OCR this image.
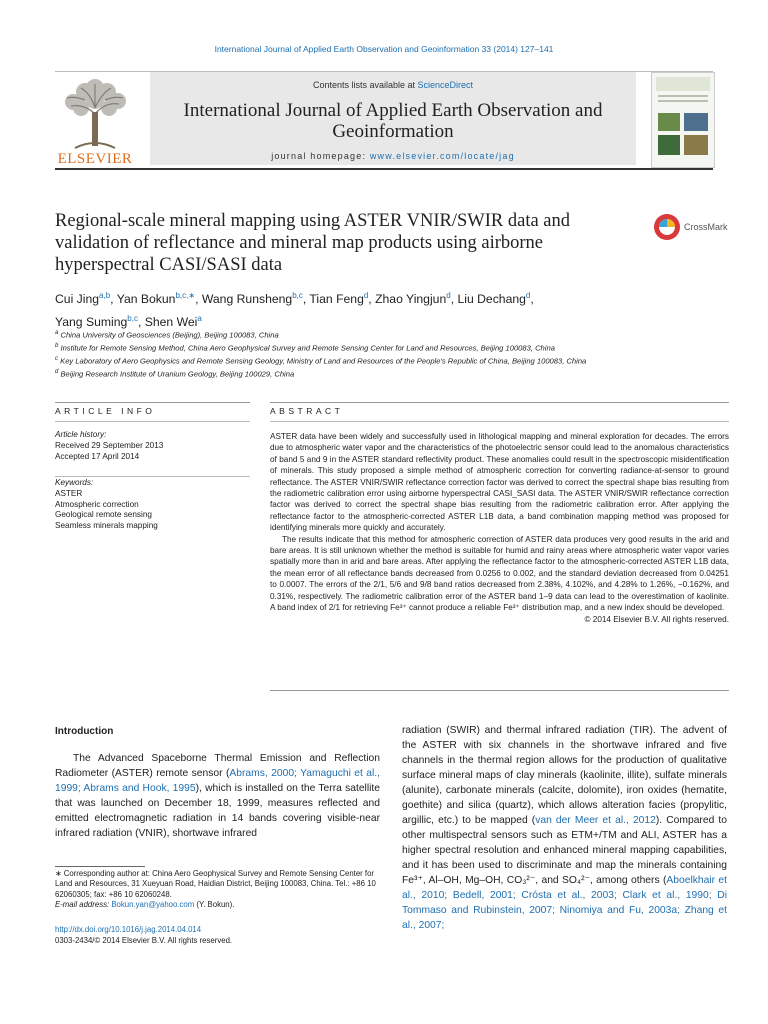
International Journal of Applied Earth Observation and Geoinformation 33 (2014) 127–141
ELSEVIER
Contents lists available at ScienceDirect
International Journal of Applied Earth Observation and Geoinformation
journal homepage: www.elsevier.com/locate/jag
Regional-scale mineral mapping using ASTER VNIR/SWIR data and validation of reflectance and mineral map products using airborne hyperspectral CASI/SASI data
CrossMark
Cui Jing$^{a,b}$, Yan Bokun$^{b,c,∗}$, Wang Runsheng$^{b,c}$, Tian Feng$^d$, Zhao Yingjun$^d$, Liu Dechang$^d$,
Yang Suming$^{b,c}$, Shen Wei$^a$
$^a$ China University of Geosciences (Beijing), Beijing 100083, China
$^b$ Institute for Remote Sensing Method, China Aero Geophysical Survey and Remote Sensing Center for Land and Resources, Beijing 100083, China
$^c$ Key Laboratory of Aero Geophysics and Remote Sensing Geology, Ministry of Land and Resources of the People's Republic of China, Beijing 100083, China
$^d$ Beijing Research Institute of Uranium Geology, Beijing 100029, China
ARTICLE INFO	ABSTRACT
Article history:
Received 29 September 2013
Accepted 17 April 2014
Keywords:
ASTER
Atmospheric correction
Geological remote sensing
Seamless minerals mapping

ASTER data have been widely and successfully used in lithological mapping and mineral exploration for decades. The errors due to atmospheric water vapor and the characteristics of the photoelectric sensor could lead to the anomalous characteristics of band 5 and 9 in the ASTER standard reflectivity product. These anomalies could result in the spectroscopic misidentification of minerals. This study proposed a simple method of atmospheric correction for converting radiance-at-sensor to ground reflectance. The ASTER VNIR/SWIR reflectance correction factor was derived to correct the spectral shape bias resulting from the radiometric calibration error using airborne hyperspectral CASI_SASI data. The ASTER VNIR/SWIR reflectance correction factor was derived to correct the spectral shape bias resulting from the radiometric calibration error. After applying the reflectance factor to the atmospheric-corrected ASTER L1B data, a band combination mapping method was proposed for identifying minerals more quickly and accurately.

The results indicate that this method for atmospheric correction of ASTER data produces very good results in the arid and bare areas. It is still unknown whether the method is suitable for humid and rainy areas where atmospheric water vapor varies spatially more than in arid and bare areas. After applying the reflectance factor to the atmospheric-corrected ASTER L1B data, the mean error of all reflectance bands decreased from 0.0256 to 0.002, and the standard deviation decreased from 0.04251 to 0.0007. The errors of the 2/1, 5/6 and 9/8 band ratios decreased from 2.38%, 4.102%, and 4.28% to 1.26%, −0.162%, and 0.31%, respectively. The radiometric calibration error of the ASTER band 1–9 data can lead to the overestimation of kaolinite. A band index of 2/1 for retrieving Fe³⁺ cannot produce a reliable Fe³⁺ distribution map, and a new index should be developed.

© 2014 Elsevier B.V. All rights reserved.

Introduction

The Advanced Spaceborne Thermal Emission and Reflection Radiometer (ASTER) remote sensor (Abrams, 2000; Yamaguchi et al., 1999; Abrams and Hook, 1995), which is installed on the Terra satellite that was launched on December 18, 1999, measures reflected and emitted electromagnetic radiation in 14 bands covering visible-near infrared radiation (VNIR), shortwave infrared

radiation (SWIR) and thermal infrared radiation (TIR). The advent of the ASTER with six channels in the shortwave infrared and five channels in the thermal region allows for the production of qualitative surface mineral maps of clay minerals (kaolinite, illite), sulfate minerals (alunite), carbonate minerals (calcite, dolomite), iron oxides (hematite, goethite) and silica (quartz), which allows alteration facies (propylitic, argillic, etc.) to be mapped (van der Meer et al., 2012). Compared to other multispectral sensors such as ETM+/TM and ALI, ASTER has a higher spectral resolution and enhanced mineral mapping capabilities, and it has been used to discriminate and map the minerals containing Fe³⁺, Al–OH, Mg–OH, CO₃²⁻, and SO₄²⁻, among others (Aboelkhair et al., 2010; Bedell, 2001; Crósta et al., 2003; Clark et al., 1990; Di Tommaso and Rubinstein, 2007; Ninomiya and Fu, 2003a; Zhang et al., 2007;

∗ Corresponding author at: China Aero Geophysical Survey and Remote Sensing Center for Land and Resources, 31 Xueyuan Road, Haidian District, Beijing 100083, China. Tel.: +86 10 62060305; fax: +86 10 62060248.

E-mail address: Bokun.yan@yahoo.com (Y. Bokun).

http://dx.doi.org/10.1016/j.jag.2014.04.014
0303-2434/© 2014 Elsevier B.V. All rights reserved.
